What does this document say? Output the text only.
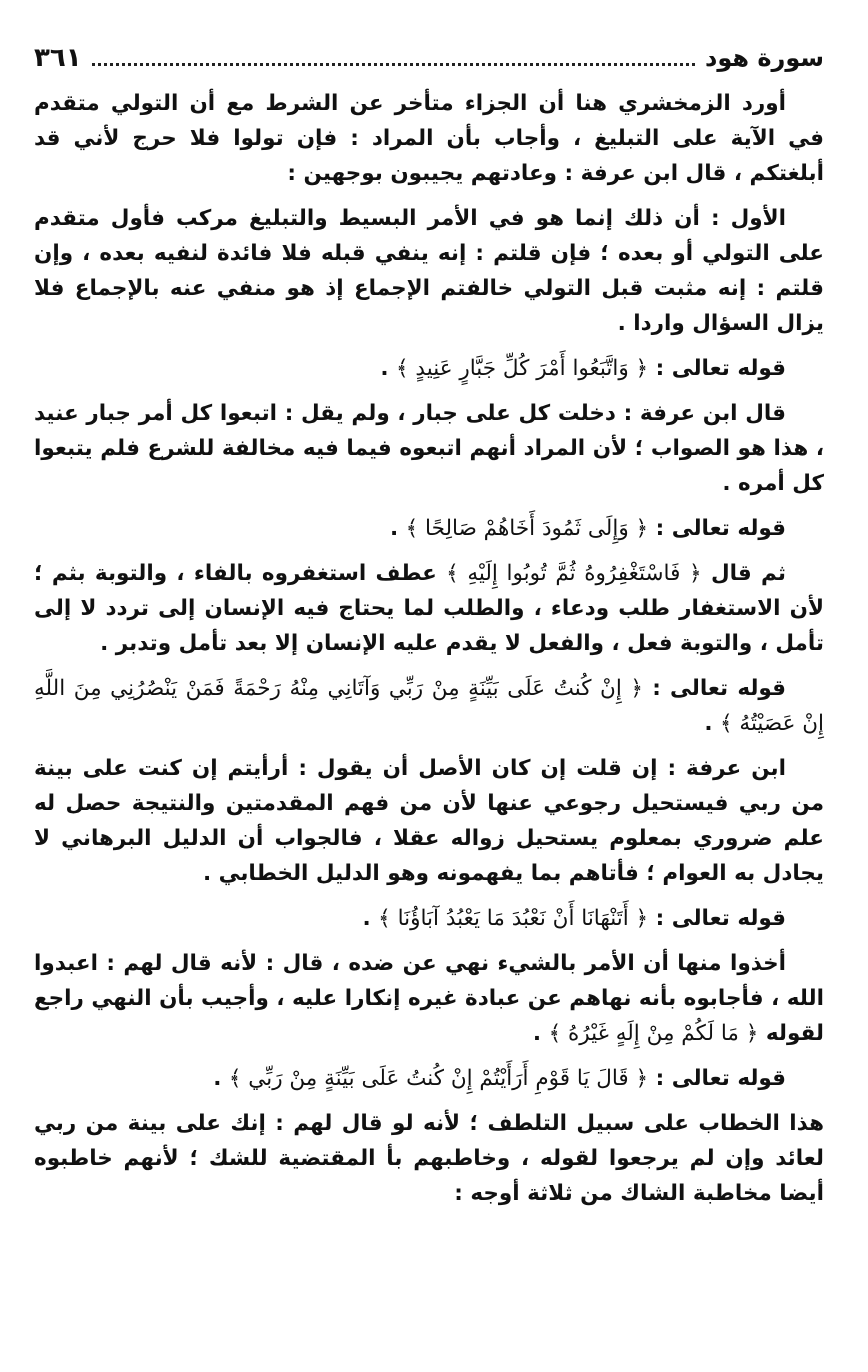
سورة هود
٣٦١

أورد الزمخشري هنا أن الجزاء متأخر عن الشرط مع أن التولي متقدم في الآية على التبليغ ، وأجاب بأن المراد : فإن تولوا فلا حرج لأني قد أبلغتكم ، قال ابن عرفة : وعادتهم يجيبون بوجهين :

الأول : أن ذلك إنما هو في الأمر البسيط والتبليغ مركب فأول متقدم على التولي أو بعده ؛ فإن قلتم : إنه ينفي قبله فلا فائدة لنفيه بعده ، وإن قلتم : إنه مثبت قبل التولي خالفتم الإجماع إذ هو منفي عنه بالإجماع فلا يزال السؤال واردا .

قوله تعالى : ﴿ وَاتَّبَعُوا أَمْرَ كُلِّ جَبَّارٍ عَنِيدٍ ﴾ .

قال ابن عرفة : دخلت كل على جبار ، ولم يقل : اتبعوا كل أمر جبار عنيد ، هذا هو الصواب ؛ لأن المراد أنهم اتبعوه فيما فيه مخالفة للشرع فلم يتبعوا كل أمره .

قوله تعالى : ﴿ وَإِلَى ثَمُودَ أَخَاهُمْ صَالِحًا ﴾ .

ثم قال ﴿ فَاسْتَغْفِرُوهُ ثُمَّ تُوبُوا إِلَيْهِ ﴾ عطف استغفروه بالفاء ، والتوبة بثم ؛ لأن الاستغفار طلب ودعاء ، والطلب لما يحتاج فيه الإنسان إلى تردد لا إلى تأمل ، والتوبة فعل ، والفعل لا يقدم عليه الإنسان إلا بعد تأمل وتدبر .

قوله تعالى : ﴿ إِنْ كُنتُ عَلَى بَيِّنَةٍ مِنْ رَبِّي وَآتَانِي مِنْهُ رَحْمَةً فَمَنْ يَنْصُرُنِي مِنَ اللَّهِ إِنْ عَصَيْتُهُ ﴾ .

ابن عرفة : إن قلت إن كان الأصل أن يقول : أرأيتم إن كنت على بينة من ربي فيستحيل رجوعي عنها لأن من فهم المقدمتين والنتيجة حصل له علم ضروري بمعلوم يستحيل زواله عقلا ، فالجواب أن الدليل البرهاني لا يجادل به العوام ؛ فأتاهم بما يفهمونه وهو الدليل الخطابي .

قوله تعالى : ﴿ أَتَنْهَانَا أَنْ نَعْبُدَ مَا يَعْبُدُ آبَاؤُنَا ﴾ .

أخذوا منها أن الأمر بالشيء نهي عن ضده ، قال : لأنه قال لهم : اعبدوا الله ، فأجابوه بأنه نهاهم عن عبادة غيره إنكارا عليه ، وأجيب بأن النهي راجع لقوله ﴿ مَا لَكُمْ مِنْ إِلَهٍ غَيْرُهُ ﴾ .

قوله تعالى : ﴿ قَالَ يَا قَوْمِ أَرَأَيْتُمْ إِنْ كُنتُ عَلَى بَيِّنَةٍ مِنْ رَبِّي ﴾ .

هذا الخطاب على سبيل التلطف ؛ لأنه لو قال لهم : إنك على بينة من ربي لعائد وإن لم يرجعوا لقوله ، وخاطبهم بأ المقتضية للشك ؛ لأنهم خاطبوه أيضا مخاطبة الشاك من ثلاثة أوجه :
